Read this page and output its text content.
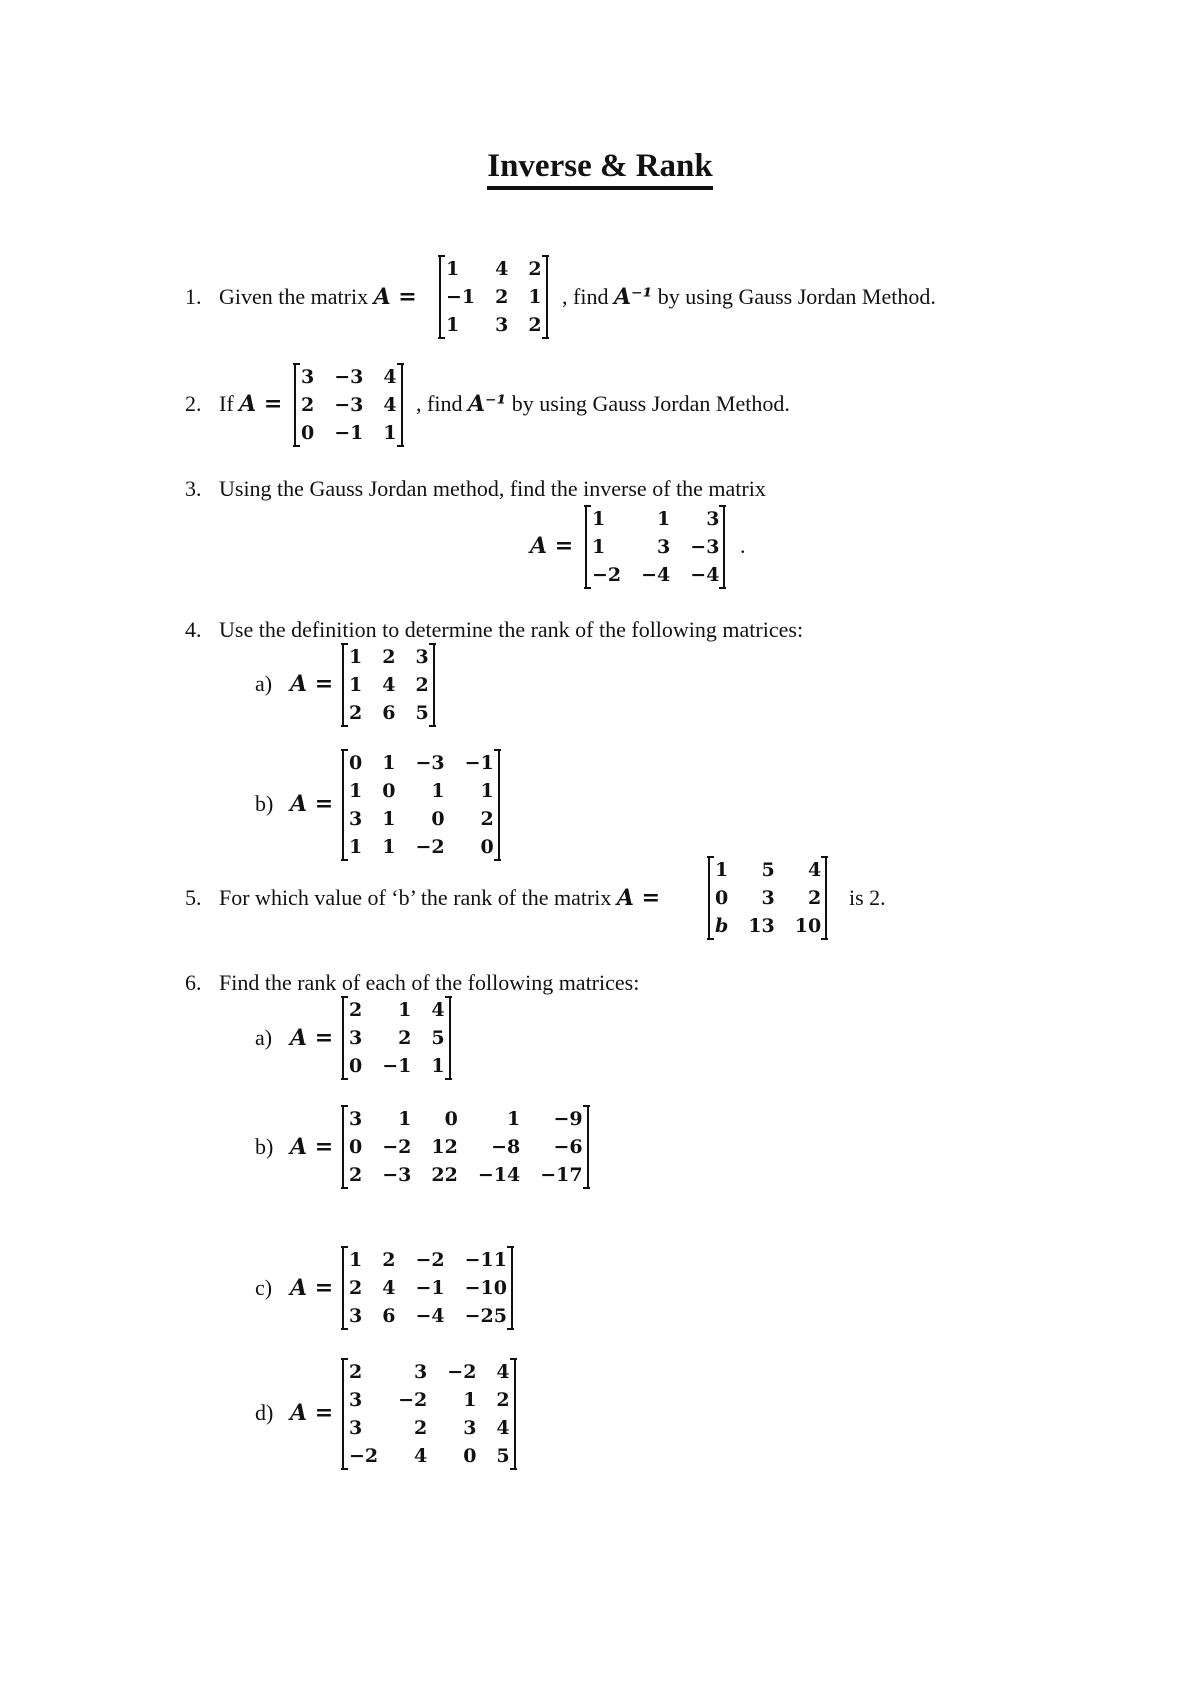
Inverse & Rank
1. Given the matrix A =
1	4	2
−1	2	1
1	3	2
, find A⁻¹ by using Gauss Jordan Method.
2. If A =
3	−3	4
2	−3	4
0	−1	1
, find A⁻¹ by using Gauss Jordan Method.
3. Using the Gauss Jordan method, find the inverse of the matrix
A =
1	1	3
1	3	−3
−2	−4	−4
.
4. Use the definition to determine the rank of the following matrices:
a) A =
1	2	3
1	4	2
2	6	5
b) A =
0	1	−3	−1
1	0	1	1
3	1	0	2
1	1	−2	0
5. For which value of ‘b’ the rank of the matrix A =
1	5	4
0	3	2
b	13	10
is 2.
6. Find the rank of each of the following matrices:
a) A =
2	1	4
3	2	5
0	−1	1
b) A =
3	1	0	1	−9
0	−2	12	−8	−6
2	−3	22	−14	−17
c) A =
1	2	−2	−11
2	4	−1	−10
3	6	−4	−25
d) A =
2	3	−2	4
3	−2	1	2
3	2	3	4
−2	4	0	5
